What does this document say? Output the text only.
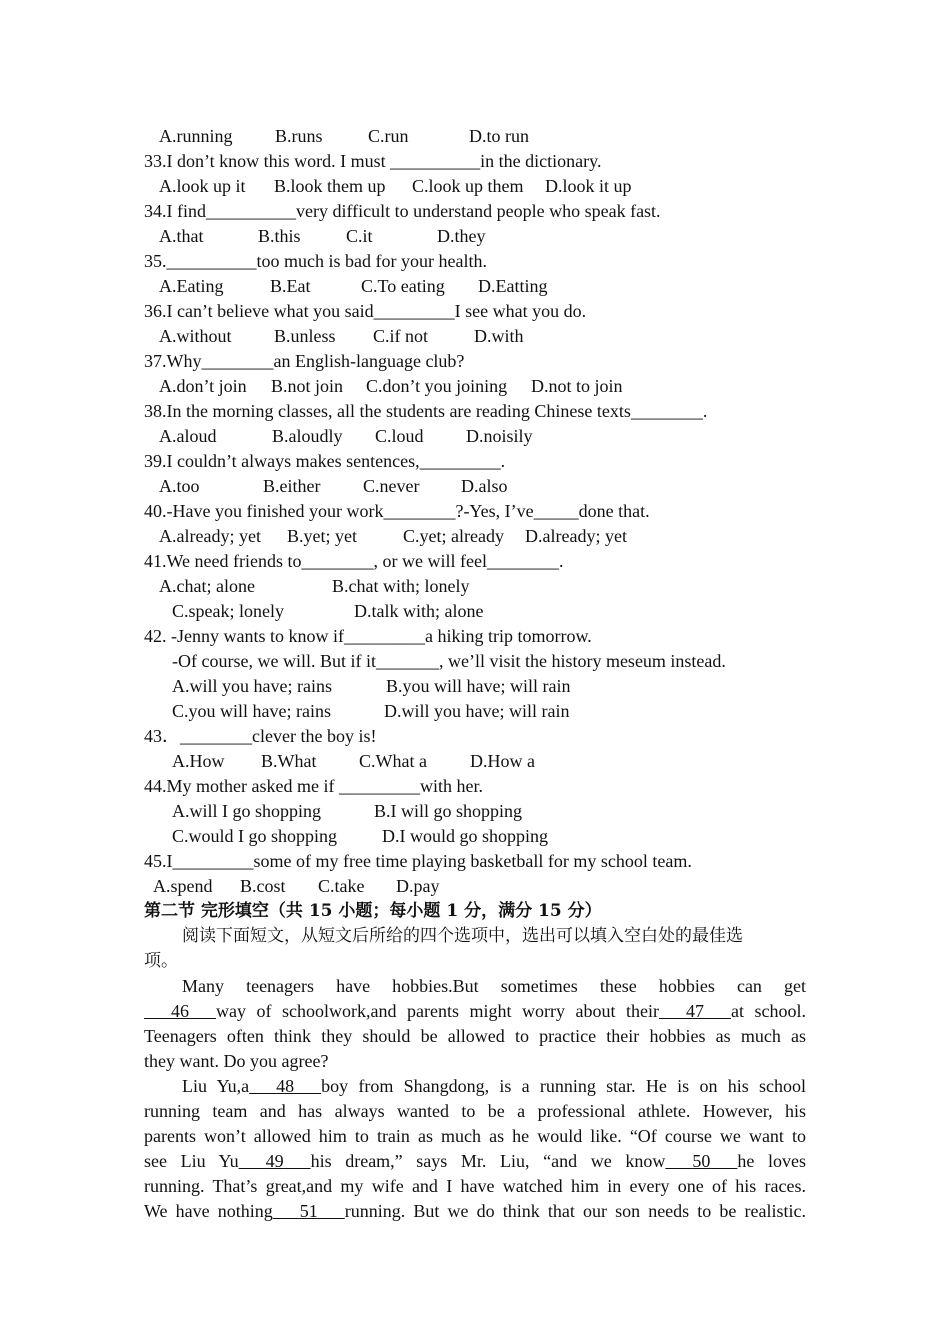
A.running

B.runs

	C.run

	D.to run

33.I don’t know this word. I must __________in the dictionary.

A.look up it

B.look them up

C.look up them

D.look it up

34.I find__________very difficult to understand people who speak fast.

A.that

	B.this

	C.it

	D.they

35.__________too much is bad for your health.

A.Eating

	B.Eat

	C.To eating

D.Eatting

36.I can’t believe what you said_________I see what you do.

A.without

B.unless

C.if not

	D.with

37.Why________an English-language club?

A.don’t join

B.not join

C.don’t you joining

D.not to join

38.In the morning classes, all the students are reading Chinese texts________.

A.aloud

	B.aloudly

C.loud

D.noisily

39.I couldn’t always makes sentences,_________.

A.too

	B.either

C.never

D.also

40.-Have you finished your work________?-Yes, I’ve_____done that.

A.already; yet

B.yet; yet

	C.yet; already

D.already; yet

41.We need friends to________, or we will feel________.

A.chat; alone

	B.chat with; lonely

C.speak; lonely

	D.talk with; alone

42. -Jenny wants to know if_________a hiking trip tomorrow.
-Of course, we will. But if it_______, we’ll visit the history meseum instead.

A.will you have; rains

	B.you will have; will rain

C.you will have; rains

	D.will you have; will rain

43．________clever the boy is!

A.How

B.What

C.What a

D.How a

44.My mother asked me if _________with her.

A.will I go shopping

	B.I will go shopping

C.would I go shopping

D.I would go shopping

45.I_________some of my free time playing basketball for my school team.

A.spend

B.cost

C.take

D.pay

第二节 完形填空（共 15 小题；每小题 1 分，满分 15 分）
阅读下面短文，从短文后所给的四个选项中，选出可以填入空白处的最佳选
项。
Many teenagers have hobbies.But sometimes these hobbies can get
   46    way of schoolwork,and parents might worry about their    47    at school.
Teenagers often think they should be allowed to practice their hobbies as much as
they want. Do you agree?
Liu Yu,a    48    boy from Shangdong, is a running star. He is on his school
running team and has always wanted to be a professional athlete. However, his
parents won’t allowed him to train as much as he would like. “Of course we want to
see Liu Yu    49    his dream,” says Mr. Liu, “and we know    50    he loves
running. That’s great,and my wife and I have watched him in every one of his races.
We have nothing    51    running. But we do think that our son needs to be realistic.
